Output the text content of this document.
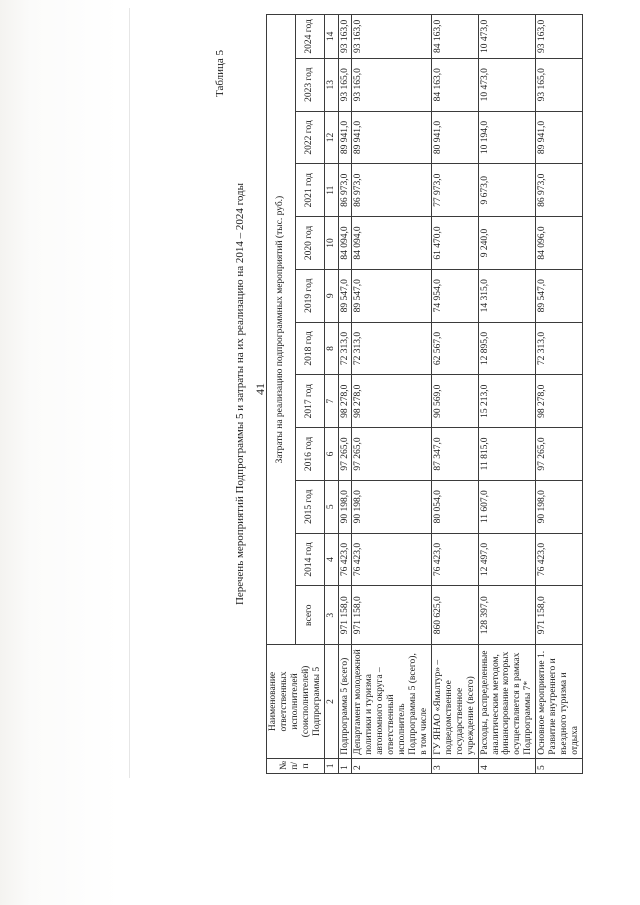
41
Таблица 5
Перечень мероприятий Подпрограммы 5 и затраты на их реализацию на 2014 – 2024 годы
№ п/п	Наименование ответственных исполнителей (соисполнителей) Подпрограммы 5	Затраты на реализацию подпрограммных мероприятий (тыс. руб.)											
		всего	2014 год	2015 год	2016 год	2017 год	2018 год	2019 год	2020 год	2021 год	2022 год	2023 год	2024 год
1	2	3	4	5	6	7	8	9	10	11	12	13	14
1	Подпрограмма 5 (всего)	971 158,0	76 423,0	90 198,0	97 265,0	98 278,0	72 313,0	89 547,0	84 094,0	86 973,0	89 941,0	93 165,0	93 163,0
2	Департамент молодежной политики и туризма автономного округа – ответственный исполнитель Подпрограммы 5 (всего), в том числе	971 158,0	76 423,0	90 198,0	97 265,0	98 278,0	72 313,0	89 547,0	84 094,0	86 973,0	89 941,0	93 165,0	93 163,0
3	ГУ ЯНАО «Ямалтур» – подведомственное государственное учреждение (всего)	860 625,0	76 423,0	80 054,0	87 347,0	90 569,0	62 567,0	74 954,0	61 470,0	77 973,0	80 941,0	84 163,0	84 163,0
4	Расходы, распределенные аналитическим методом, финансирование которых осуществляется в рамках Подпрограммы 7*	128 397,0	12 497,0	11 607,0	11 815,0	15 213,0	12 895,0	14 315,0	9 240,0	9 673,0	10 194,0	10 473,0	10 473,0
5	Основное мероприятие 1. Развитие внутреннего и въездного туризма и отдыха	971 158,0	76 423,0	90 198,0	97 265,0	98 278,0	72 313,0	89 547,0	84 096,0	86 973,0	89 941,0	93 165,0	93 163,0
